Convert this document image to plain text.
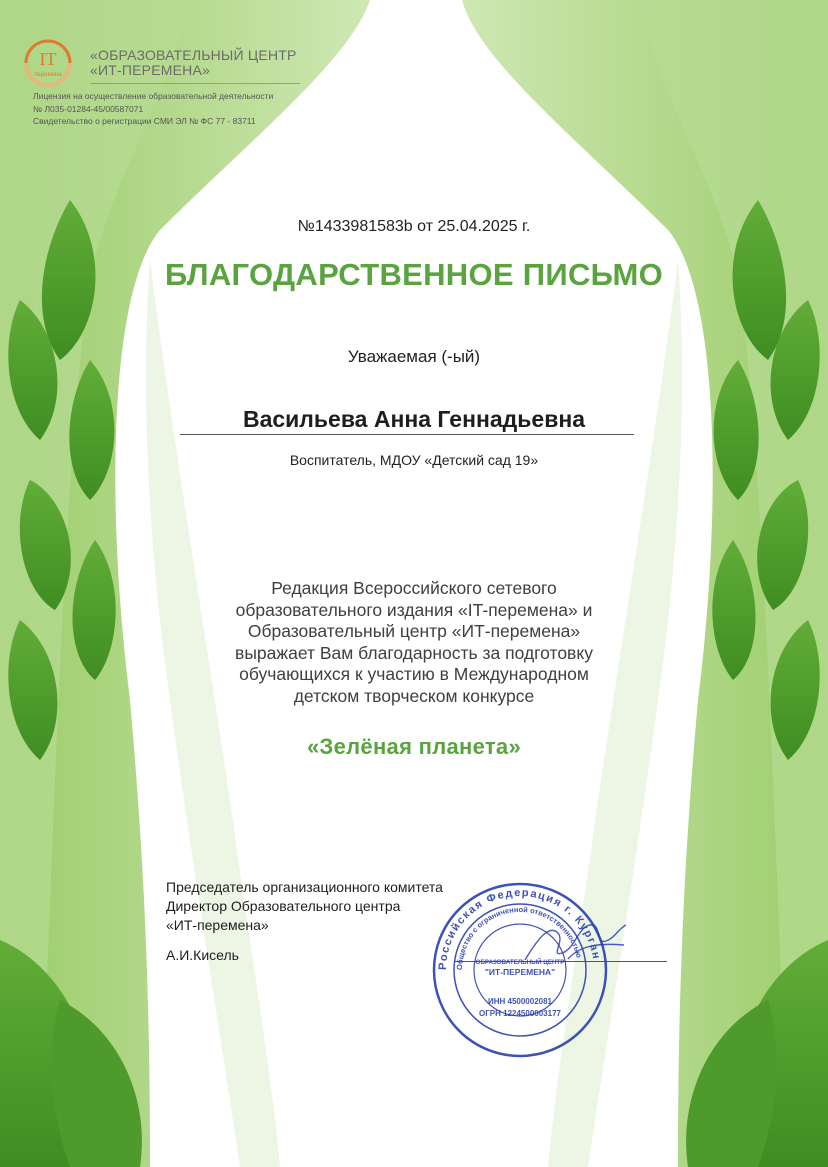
IT
перемена
«ОБРАЗОВАТЕЛЬНЫЙ ЦЕНТР
«ИТ-ПЕРЕМЕНА»
Лицензия на осуществление образовательной деятельности
№ Л035-01284-45/00587071
Свидетельство о регистрации СМИ ЭЛ № ФС 77 - 83711
№1433981583b от 25.04.2025 г.
БЛАГОДАРСТВЕННОЕ ПИСЬМО
Уважаемая (-ый)
Васильева Анна Геннадьевна
Воспитатель, МДОУ «Детский сад 19»
Редакция Всероссийского сетевого
образовательного издания «IT-перемена» и
Образовательный центр «ИТ-перемена»
выражает Вам благодарность за подготовку
обучающихся к участию в Международном
детском творческом конкурсе
«Зелёная планета»
Председатель организационного комитета
Директор Образовательного центра
«ИТ-перемена»
А.И.Кисель
Российская Федерация г. Курган
Общество с ограниченной ответственностью
ОБРАЗОВАТЕЛЬНЫЙ ЦЕНТР
"ИТ-ПЕРЕМЕНА"
ИНН 4500002081
ОГРН 1224500003177
